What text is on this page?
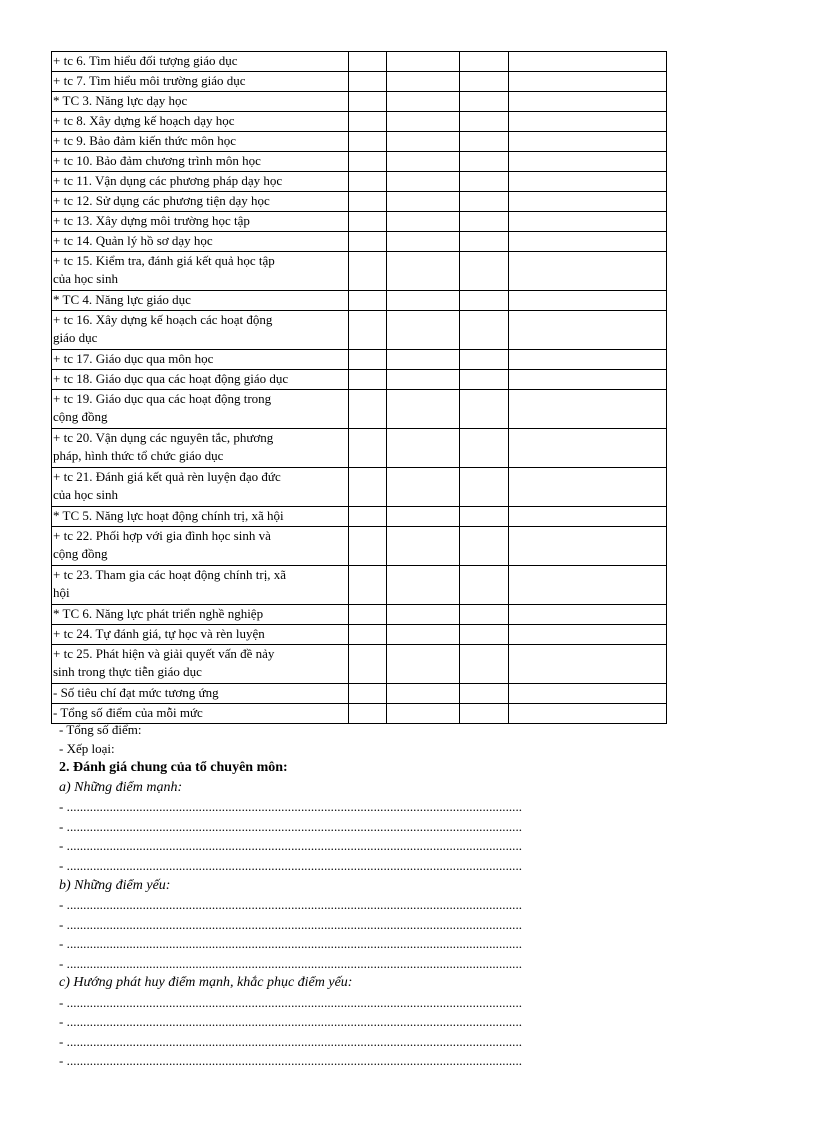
+ tc 6. Tìm hiểu đối tượng giáo dục				

+ tc 7. Tìm hiểu môi trường giáo dục				

* TC 3. Năng lực dạy học				

+ tc 8. Xây dựng kế hoạch dạy học				

+ tc 9. Bảo đảm kiến thức môn học				

+ tc 10. Bảo đảm chương trình môn học				

+ tc 11. Vận dụng các phương pháp dạy học				

+ tc 12. Sử dụng các phương tiện dạy học				

+ tc 13. Xây dựng môi trường học tập				

+ tc 14. Quản lý hồ sơ dạy học				

+ tc 15. Kiểm tra, đánh giá kết quả học tập
của học sinh				

* TC 4. Năng lực giáo dục				

+ tc 16. Xây dựng kế hoạch các hoạt động
giáo dục				

+ tc 17. Giáo dục qua môn học				

+ tc 18. Giáo dục qua các hoạt động giáo dục				

+ tc 19. Giáo dục qua các hoạt động trong
cộng đồng				

+ tc 20. Vận dụng các nguyên tắc, phương
pháp, hình thức tổ chức giáo dục				

+ tc 21. Đánh giá kết quả rèn luyện đạo đức
của học sinh				

* TC 5. Năng lực hoạt động chính trị, xã hội				

+ tc 22. Phối hợp với gia đình học sinh và
cộng đồng				

+ tc 23. Tham gia các hoạt động chính trị, xã
hội				

* TC 6. Năng lực phát triển nghề nghiệp				

+ tc 24. Tự đánh giá, tự học và rèn luyện				

+ tc 25. Phát hiện và giải quyết vấn đề nảy
sinh trong thực tiễn giáo dục				

- Số tiêu chí đạt mức tương ứng				

- Tổng số điểm của mỗi mức				

- Tổng số điểm:
- Xếp loại:
2. Đánh giá chung của tổ chuyên môn:
a) Những điểm mạnh:
- ..........................................................................................................................................
- ..........................................................................................................................................
- ..........................................................................................................................................
- ..........................................................................................................................................
b) Những điểm yếu:
- ..........................................................................................................................................
- ..........................................................................................................................................
- ..........................................................................................................................................
- ..........................................................................................................................................
c) Hướng phát huy điểm mạnh, khắc phục điểm yếu:
- ..........................................................................................................................................
- ..........................................................................................................................................
- ..........................................................................................................................................
- ..........................................................................................................................................
